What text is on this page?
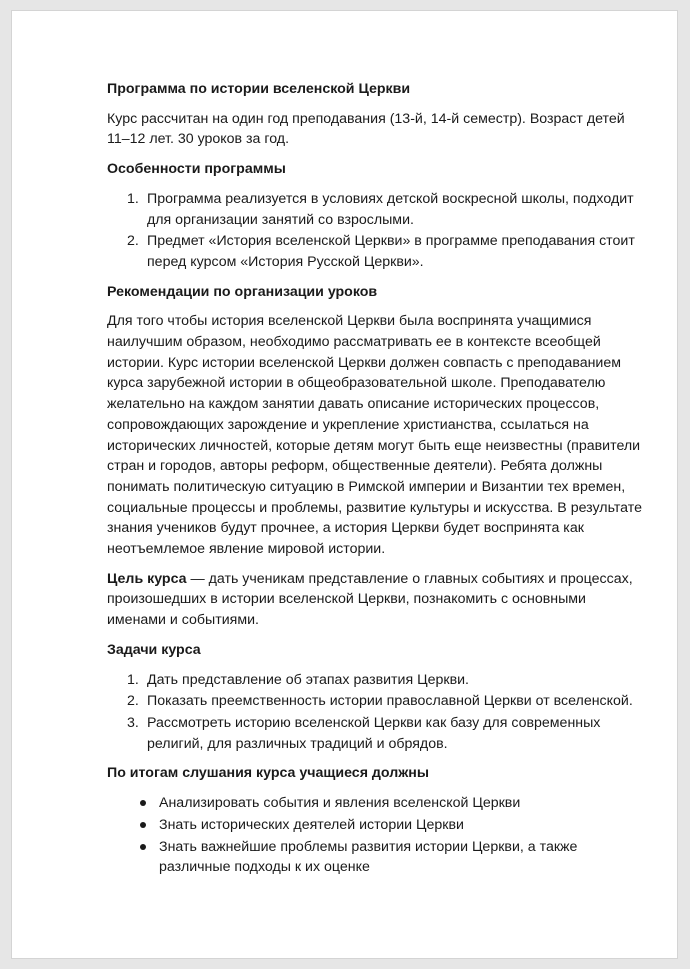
Программа по истории вселенской Церкви

Курс рассчитан на один год преподавания (13-й, 14-й семестр). Возраст детей 11–12 лет. 30 уроков за год.

Особенности программы
1. Программа реализуется в условиях детской воскресной школы, подходит для организации занятий со взрослыми.
2. Предмет «История вселенской Церкви» в программе преподавания стоит перед курсом «История Русской Церкви».
Рекомендации по организации уроков

Для того чтобы история вселенской Церкви была воспринята учащимися наилучшим образом, необходимо рассматривать ее в контексте всеобщей истории. Курс истории вселенской Церкви должен совпасть с преподаванием курса зарубежной истории в общеобразовательной школе. Преподавателю желательно на каждом занятии давать описание исторических процессов, сопровождающих зарождение и укрепление христианства, ссылаться на исторических личностей, которые детям могут быть еще неизвестны (правители стран и городов, авторы реформ, общественные деятели). Ребята должны понимать политическую ситуацию в Римской империи и Византии тех времен, социальные процессы и проблемы, развитие культуры и искусства. В результате знания учеников будут прочнее, а история Церкви будет воспринята как неотъемлемое явление мировой истории.

Цель курса — дать ученикам представление о главных событиях и процессах, произошедших в истории вселенской Церкви, познакомить с основными именами и событиями.

Задачи курса
1. Дать представление об этапах развития Церкви.
2. Показать преемственность истории православной Церкви от вселенской.
3. Рассмотреть историю вселенской Церкви как базу для современных религий, для различных традиций и обрядов.
По итогам слушания курса учащиеся должны
Анализировать события и явления вселенской Церкви
Знать исторических деятелей истории Церкви
Знать важнейшие проблемы развития истории Церкви, а также различные подходы к их оценке
